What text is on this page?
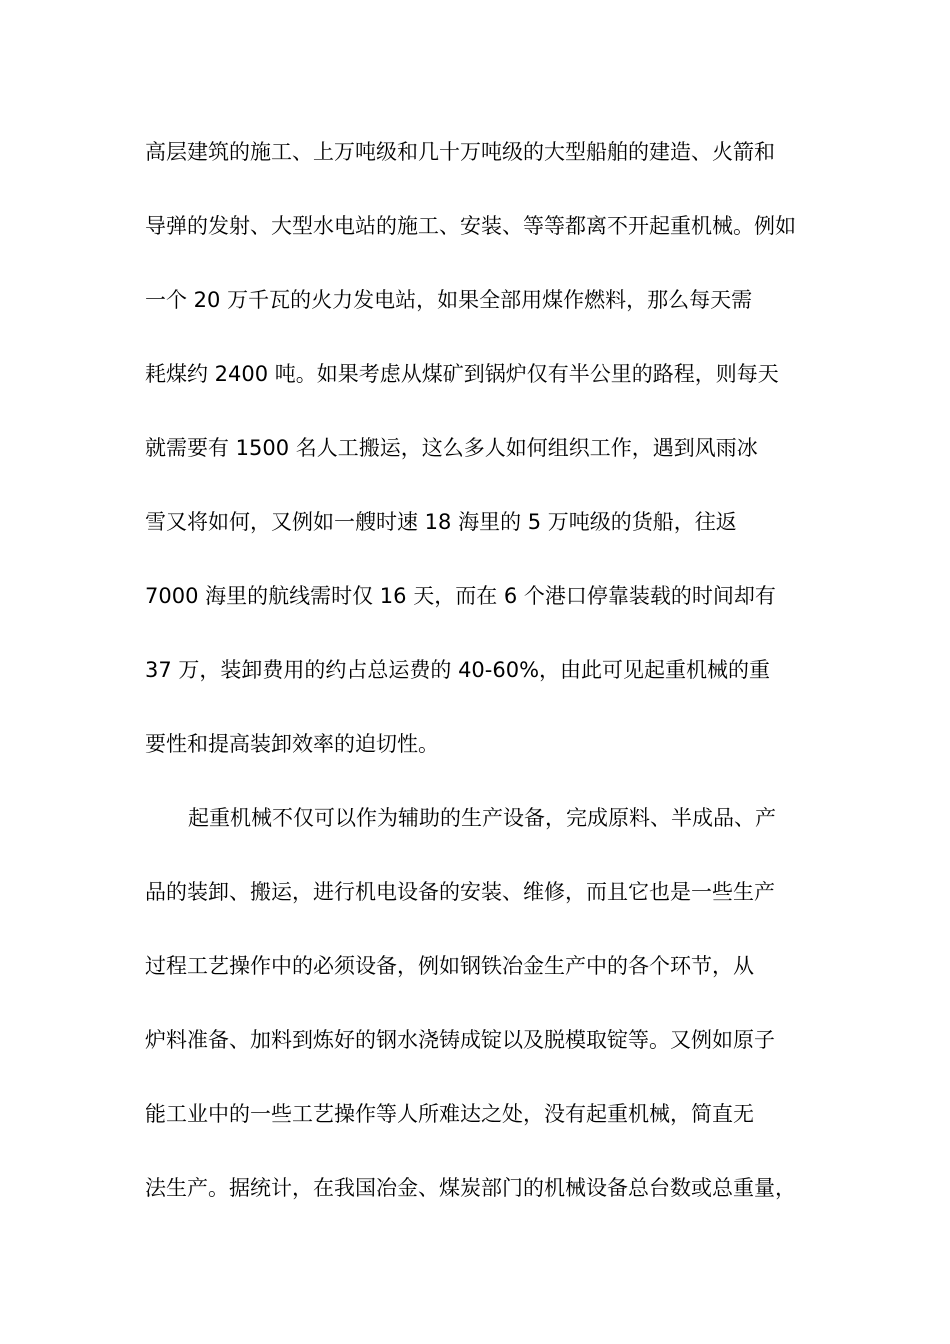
高层建筑的施工、上万吨级和几十万吨级的大型船舶的建造、火箭和
导弹的发射、大型水电站的施工、安装、等等都离不开起重机械。例如
一个 20 万千瓦的火力发电站，如果全部用煤作燃料，那么每天需
耗煤约 2400 吨。如果考虑从煤矿到锅炉仅有半公里的路程，则每天
就需要有 1500 名人工搬运，这么多人如何组织工作，遇到风雨冰
雪又将如何，又例如一艘时速 18 海里的 5 万吨级的货船，往返
7000 海里的航线需时仅 16 天，而在 6 个港口停靠装载的时间却有
37 万，装卸费用的约占总运费的 40-60%，由此可见起重机械的重
要性和提高装卸效率的迫切性。
起重机械不仅可以作为辅助的生产设备，完成原料、半成品、产
品的装卸、搬运，进行机电设备的安装、维修，而且它也是一些生产
过程工艺操作中的必须设备，例如钢铁冶金生产中的各个环节，从
炉料准备、加料到炼好的钢水浇铸成锭以及脱模取锭等。又例如原子
能工业中的一些工艺操作等人所难达之处，没有起重机械，简直无
法生产。据统计，在我国冶金、煤炭部门的机械设备总台数或总重量，
